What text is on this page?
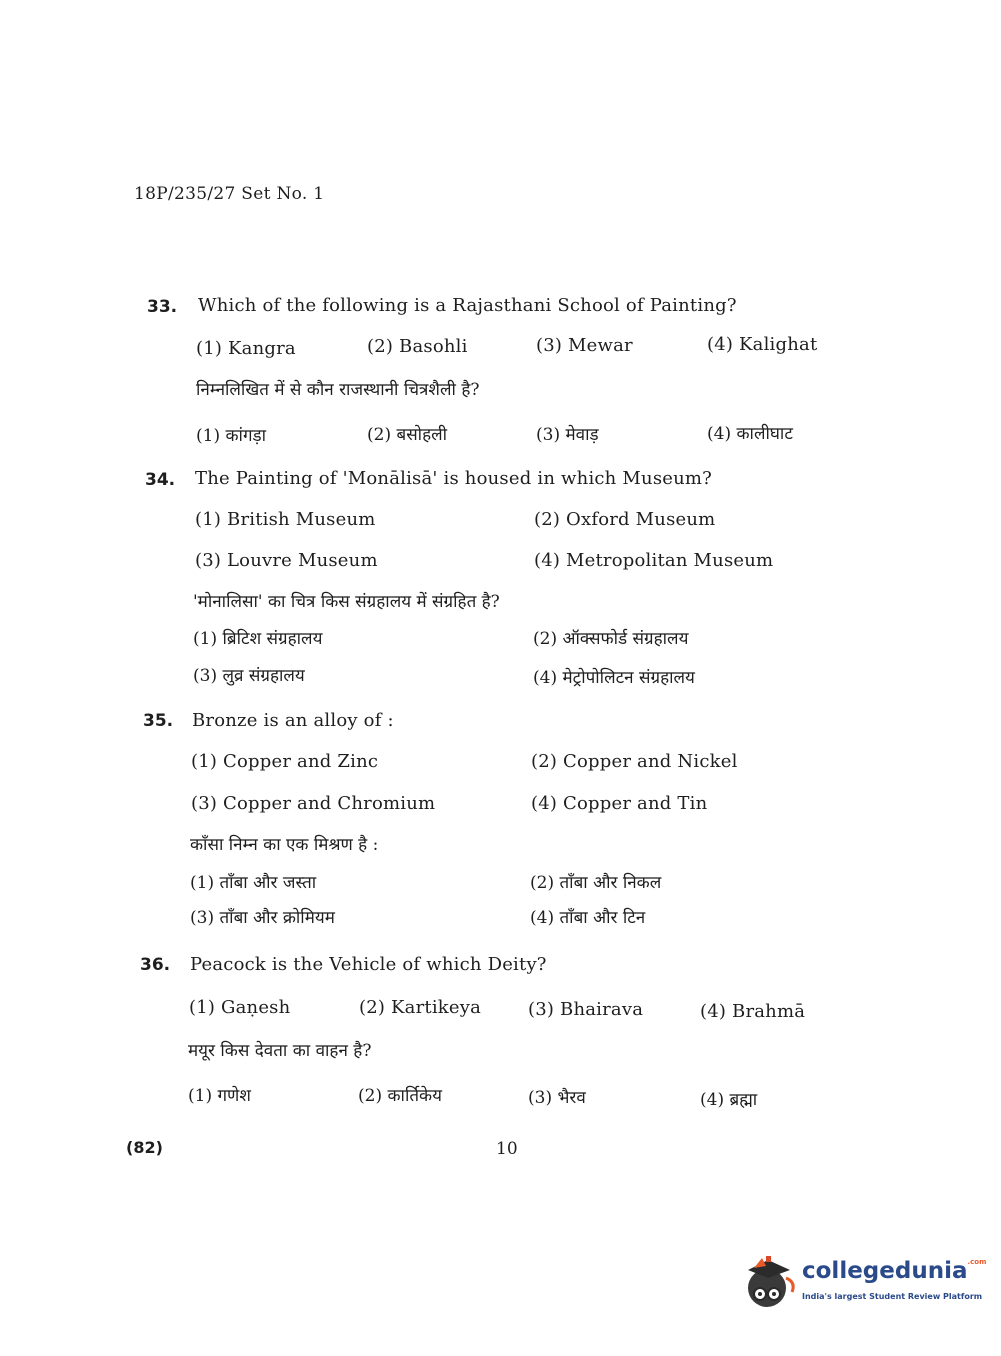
18P/235/27 Set No. 1
33. Which of the following is a Rajasthani School of Painting?
(1) Kangra	(2) Basohli	(3) Mewar	(4) Kalighat
निम्नलिखित में से कौन राजस्थानी चित्रशैली है?
(1) कांगड़ा	(2) बसोहली	(3) मेवाड़	(4) कालीघाट
34. The Painting of 'Monālisā' is housed in which Museum?
(1) British Museum	(2) Oxford Museum
(3) Louvre Museum	(4) Metropolitan Museum
'मोनालिसा' का चित्र किस संग्रहालय में संग्रहित है?
(1) ब्रिटिश संग्रहालय	(2) ऑक्सफोर्ड संग्रहालय
(3) लुव्र संग्रहालय	(4) मेट्रोपोलिटन संग्रहालय
35. Bronze is an alloy of :
(1) Copper and Zinc	(2) Copper and Nickel
(3) Copper and Chromium	(4) Copper and Tin
काँसा निम्न का एक मिश्रण है :
(1) ताँबा और जस्ता	(2) ताँबा और निकल
(3) ताँबा और क्रोमियम	(4) ताँबा और टिन
36. Peacock is the Vehicle of which Deity?
(1) Gaṇesh	(2) Kartikeya	(3) Bhairava	(4) Brahmā
मयूर किस देवता का वाहन है?
(1) गणेश	(2) कार्तिकेय	(3) भैरव	(4) ब्रह्मा
(82)	10
collegedunia$^{.com}$
India's largest Student Review Platform
